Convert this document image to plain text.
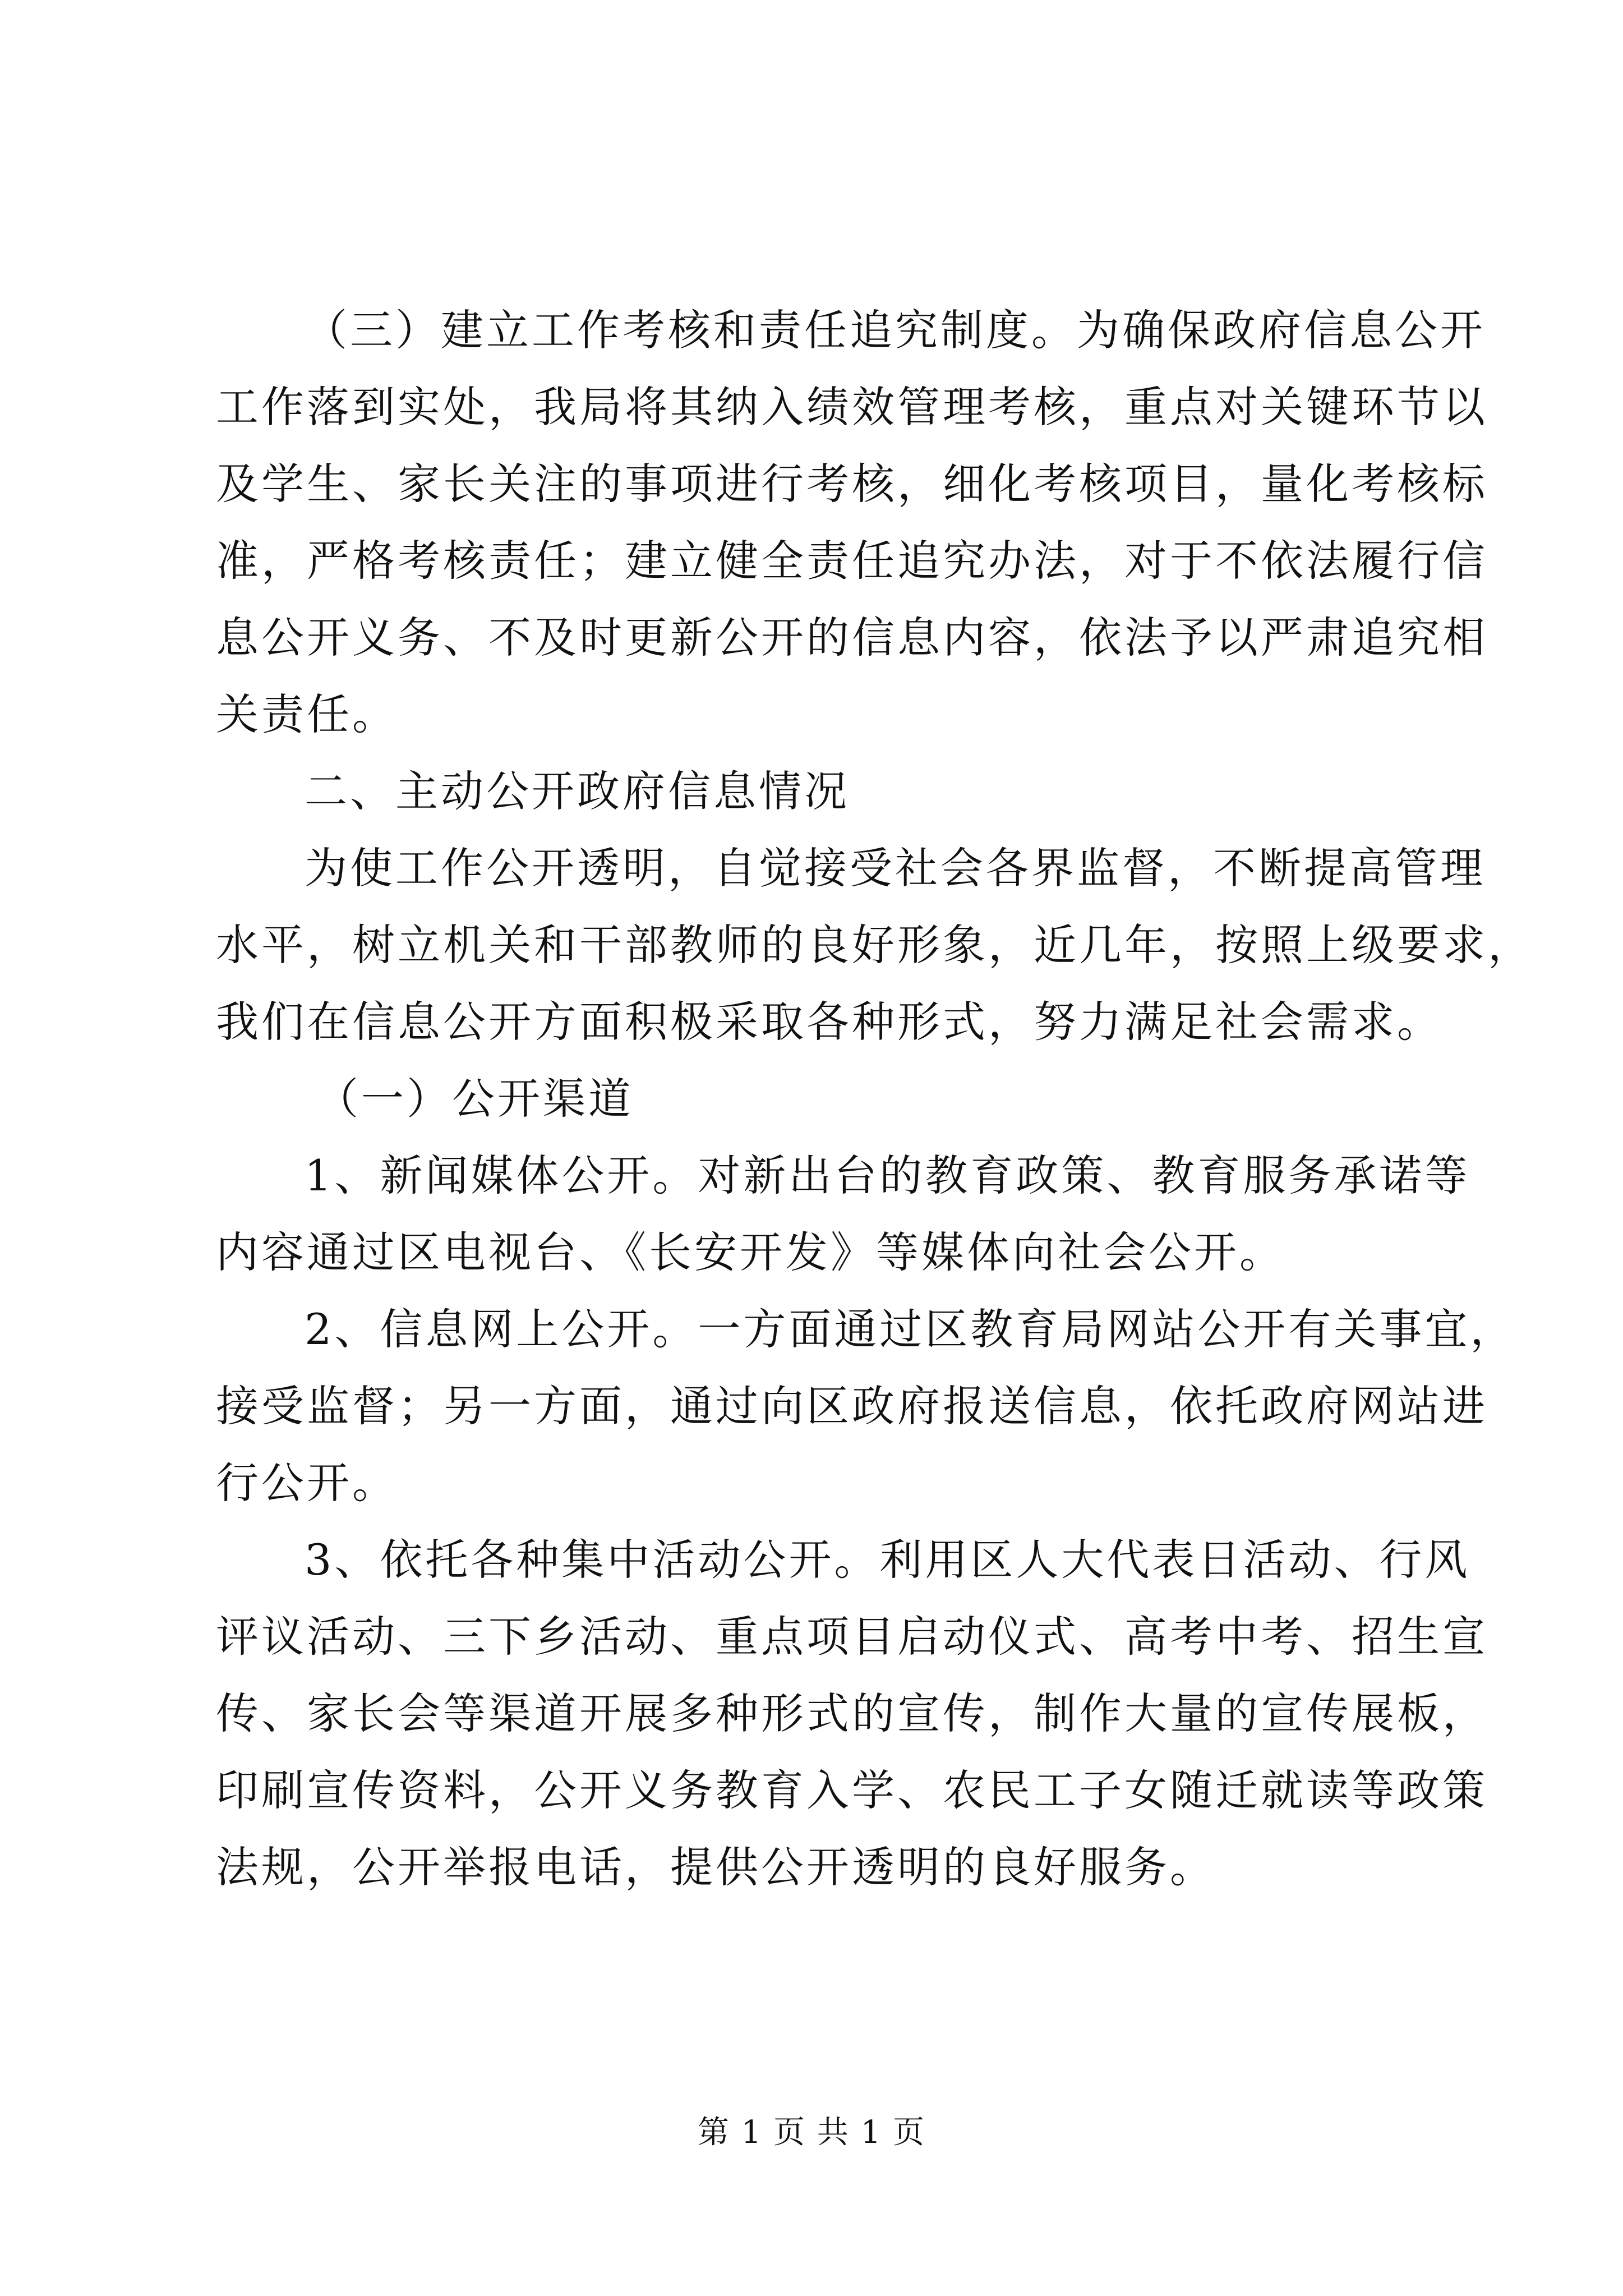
（三）建立工作考核和责任追究制度。为确保政府信息公开
工作落到实处，我局将其纳入绩效管理考核，重点对关键环节以
及学生、家长关注的事项进行考核，细化考核项目，量化考核标
准，严格考核责任；建立健全责任追究办法，对于不依法履行信
息公开义务、不及时更新公开的信息内容，依法予以严肃追究相
关责任。
二、主动公开政府信息情况
为使工作公开透明，自觉接受社会各界监督，不断提高管理
水平，树立机关和干部教师的良好形象，近几年，按照上级要求，
我们在信息公开方面积极采取各种形式，努力满足社会需求。
（一）公开渠道
1、新闻媒体公开。对新出台的教育政策、教育服务承诺等
内容通过区电视台、《长安开发》等媒体向社会公开。
2、信息网上公开。一方面通过区教育局网站公开有关事宜，
接受监督；另一方面，通过向区政府报送信息，依托政府网站进
行公开。
3、依托各种集中活动公开。利用区人大代表日活动、行风
评议活动、三下乡活动、重点项目启动仪式、高考中考、招生宣
传、家长会等渠道开展多种形式的宣传，制作大量的宣传展板，
印刷宣传资料，公开义务教育入学、农民工子女随迁就读等政策
法规，公开举报电话，提供公开透明的良好服务。
第 1 页 共 1 页
